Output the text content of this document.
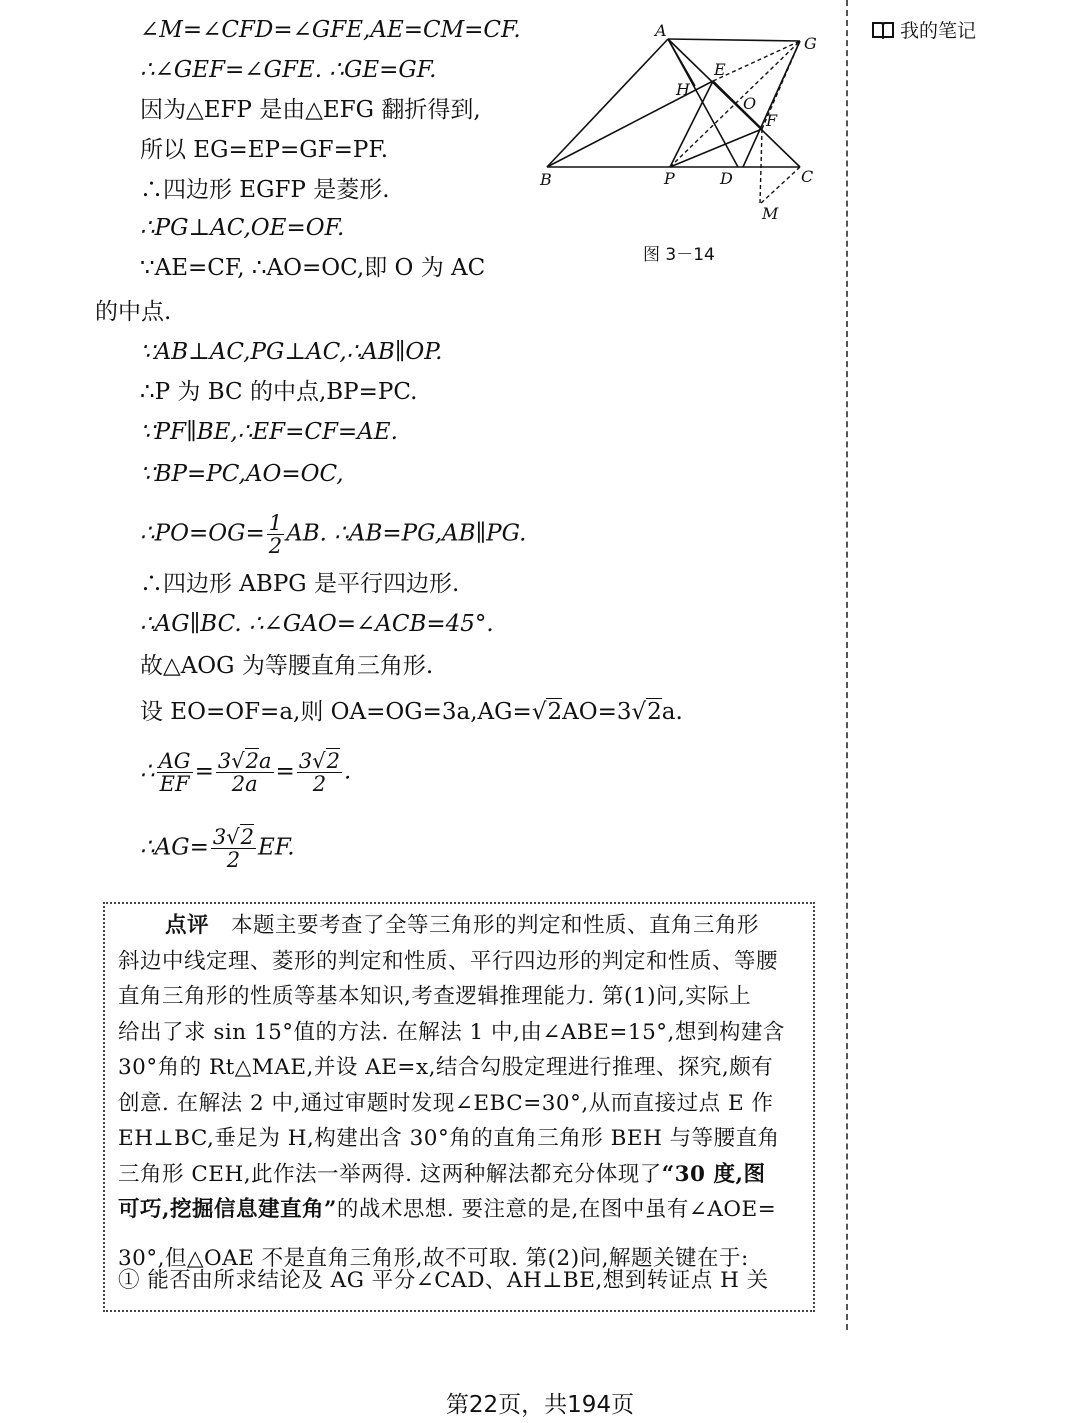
∠M=∠CFD=∠GFE,AE=CM=CF.
∴∠GEF=∠GFE. ∴GE=GF.
因为△EFP 是由△EFG 翻折得到,
所以 EG=EP=GF=PF.
∴四边形 EGFP 是菱形.
∴PG⊥AC,OE=OF.
∵AE=CF, ∴AO=OC,即 O 为 AC
的中点.
∵AB⊥AC,PG⊥AC,∴AB∥OP.
∴P 为 BC 的中点,BP=PC.
∵PF∥BE,∴EF=CF=AE.
∵BP=PC,AO=OC,
∴PO=OG= $\frac{1}{2}$ AB. ∴AB=PG,AB∥PG.
∴四边形 ABPG 是平行四边形.
∴AG∥BC. ∴∠GAO=∠ACB=45°.
故△AOG 为等腰直角三角形.
设 EO=OF=a,则 OA=OG=3a,AG=√2AO=3√2a.
∴ $\frac{AG}{EF} = \frac{3√2a}{2a} = \frac{3√2}{2}$ .
∴AG= $\frac{3√2}{2}$ EF.
A
G
E
H
O
F
B	P	D	C
M
图 3－14
我的笔记
点评 本题主要考查了全等三角形的判定和性质、直角三角形
斜边中线定理、菱形的判定和性质、平行四边形的判定和性质、等腰
直角三角形的性质等基本知识,考查逻辑推理能力. 第(1)问,实际上
给出了求 sin 15°值的方法. 在解法 1 中,由∠ABE=15°,想到构建含
30°角的 Rt△MAE,并设 AE=x,结合勾股定理进行推理、探究,颇有
创意. 在解法 2 中,通过审题时发现∠EBC=30°,从而直接过点 E 作
EH⊥BC,垂足为 H,构建出含 30°角的直角三角形 BEH 与等腰直角
三角形 CEH,此作法一举两得. 这两种解法都充分体现了“30 度,图
可巧,挖掘信息建直角”的战术思想. 要注意的是,在图中虽有∠AOE=
30°,但△OAE 不是直角三角形,故不可取. 第(2)问,解题关键在于:
第22页，共194页
① 能否由所求结论及 AG 平分∠CAD、AH⊥BE,想到转证点 H 关
